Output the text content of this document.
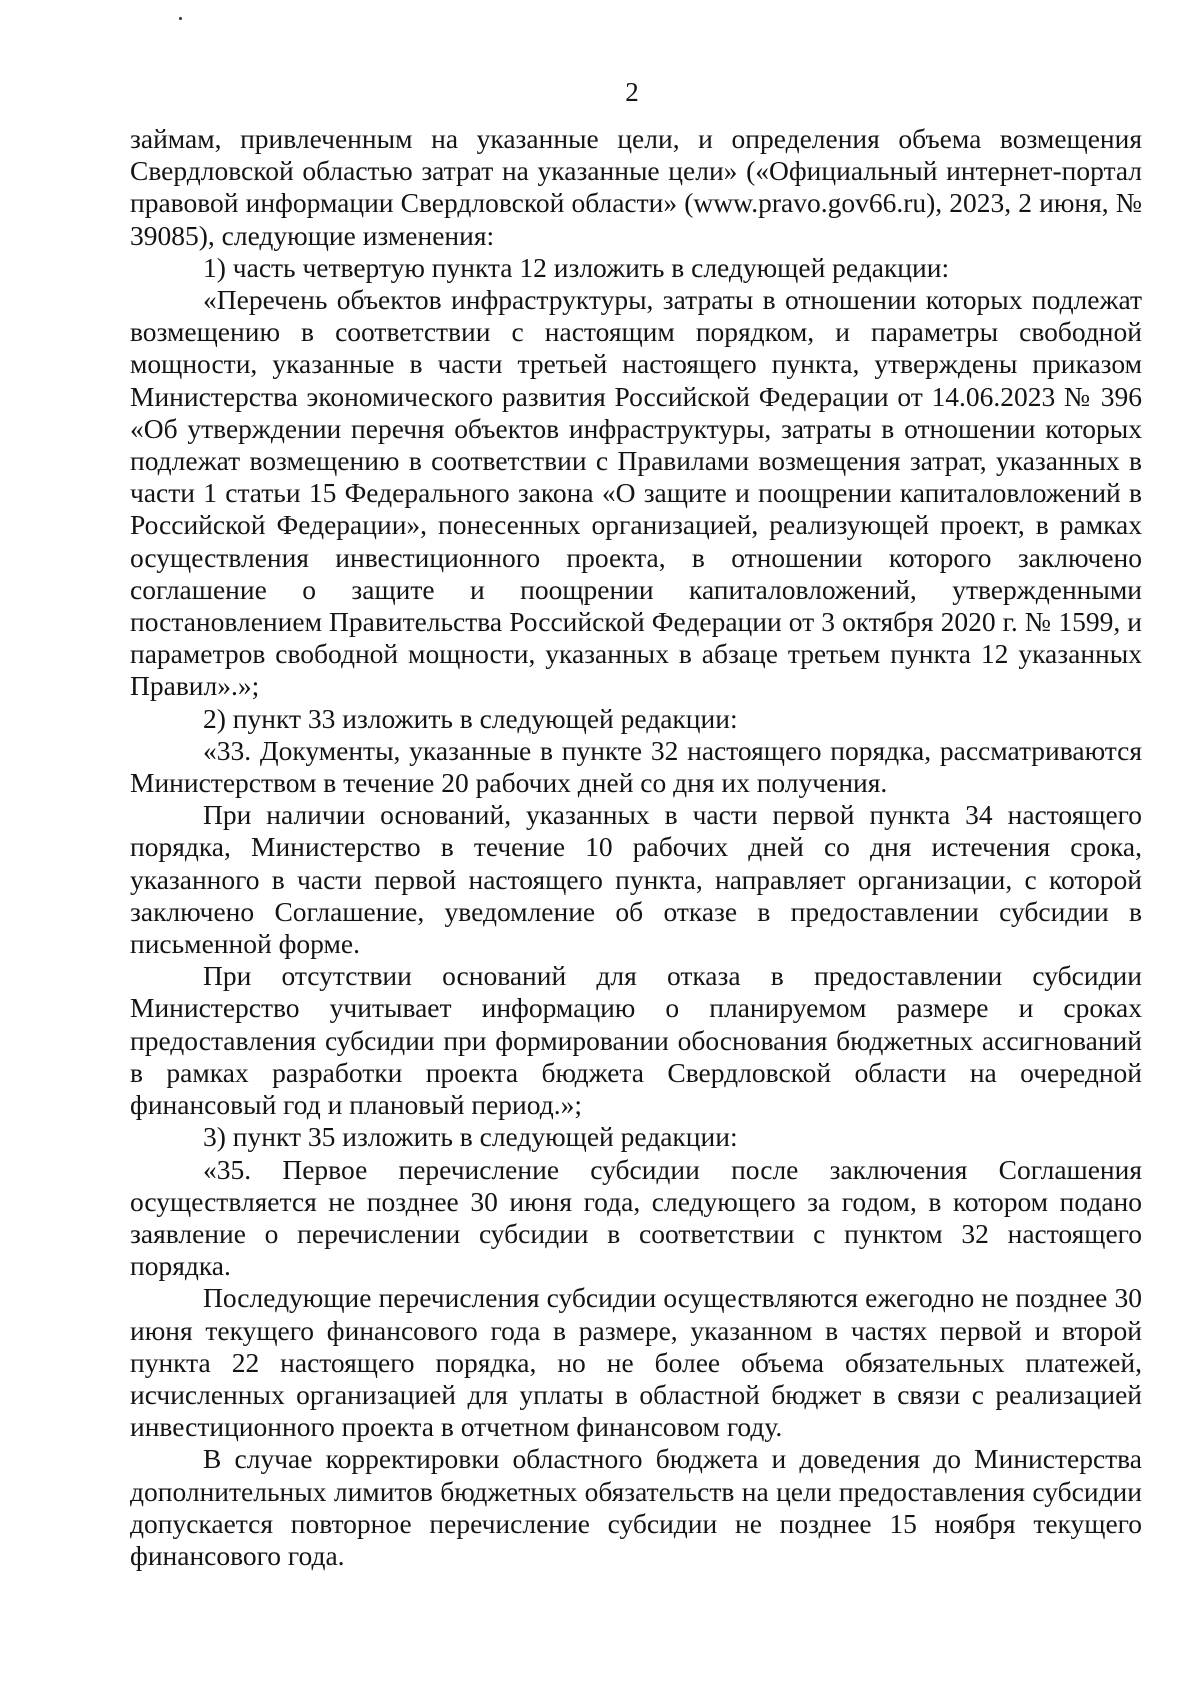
2

займам, привлеченным на указанные цели, и определения объема возмещения Свердловской областью затрат на указанные цели» («Официальный интернет-портал правовой информации Свердловской области» (www.pravo.gov66.ru), 2023, 2 июня, № 39085), следующие изменения:

1) часть четвертую пункта 12 изложить в следующей редакции:

«Перечень объектов инфраструктуры, затраты в отношении которых подлежат возмещению в соответствии с настоящим порядком, и параметры свободной мощности, указанные в части третьей настоящего пункта, утверждены приказом Министерства экономического развития Российской Федерации от 14.06.2023 № 396 «Об утверждении перечня объектов инфраструктуры, затраты в отношении которых подлежат возмещению в соответствии с Правилами возмещения затрат, указанных в части 1 статьи 15 Федерального закона «О защите и поощрении капиталовложений в Российской Федерации», понесенных организацией, реализующей проект, в рамках осуществления инвестиционного проекта, в отношении которого заключено соглашение о защите и поощрении капиталовложений, утвержденными постановлением Правительства Российской Федерации от 3 октября 2020 г. № 1599, и параметров свободной мощности, указанных в абзаце третьем пункта 12 указанных Правил».»;

2) пункт 33 изложить в следующей редакции:

«33. Документы, указанные в пункте 32 настоящего порядка, рассматриваются Министерством в течение 20 рабочих дней со дня их получения.

При наличии оснований, указанных в части первой пункта 34 настоящего порядка, Министерство в течение 10 рабочих дней со дня истечения срока, указанного в части первой настоящего пункта, направляет организации, с которой заключено Соглашение, уведомление об отказе в предоставлении субсидии в письменной форме.

При отсутствии оснований для отказа в предоставлении субсидии Министерство учитывает информацию о планируемом размере и сроках предоставления субсидии при формировании обоснования бюджетных ассигнований в рамках разработки проекта бюджета Свердловской области на очередной финансовый год и плановый период.»;

3) пункт 35 изложить в следующей редакции:

«35. Первое перечисление субсидии после заключения Соглашения осуществляется не позднее 30 июня года, следующего за годом, в котором подано заявление о перечислении субсидии в соответствии с пунктом 32 настоящего порядка.

Последующие перечисления субсидии осуществляются ежегодно не позднее 30 июня текущего финансового года в размере, указанном в частях первой и второй пункта 22 настоящего порядка, но не более объема обязательных платежей, исчисленных организацией для уплаты в областной бюджет в связи с реализацией инвестиционного проекта в отчетном финансовом году.

В случае корректировки областного бюджета и доведения до Министерства дополнительных лимитов бюджетных обязательств на цели предоставления субсидии допускается повторное перечисление субсидии не позднее 15 ноября текущего финансового года.
